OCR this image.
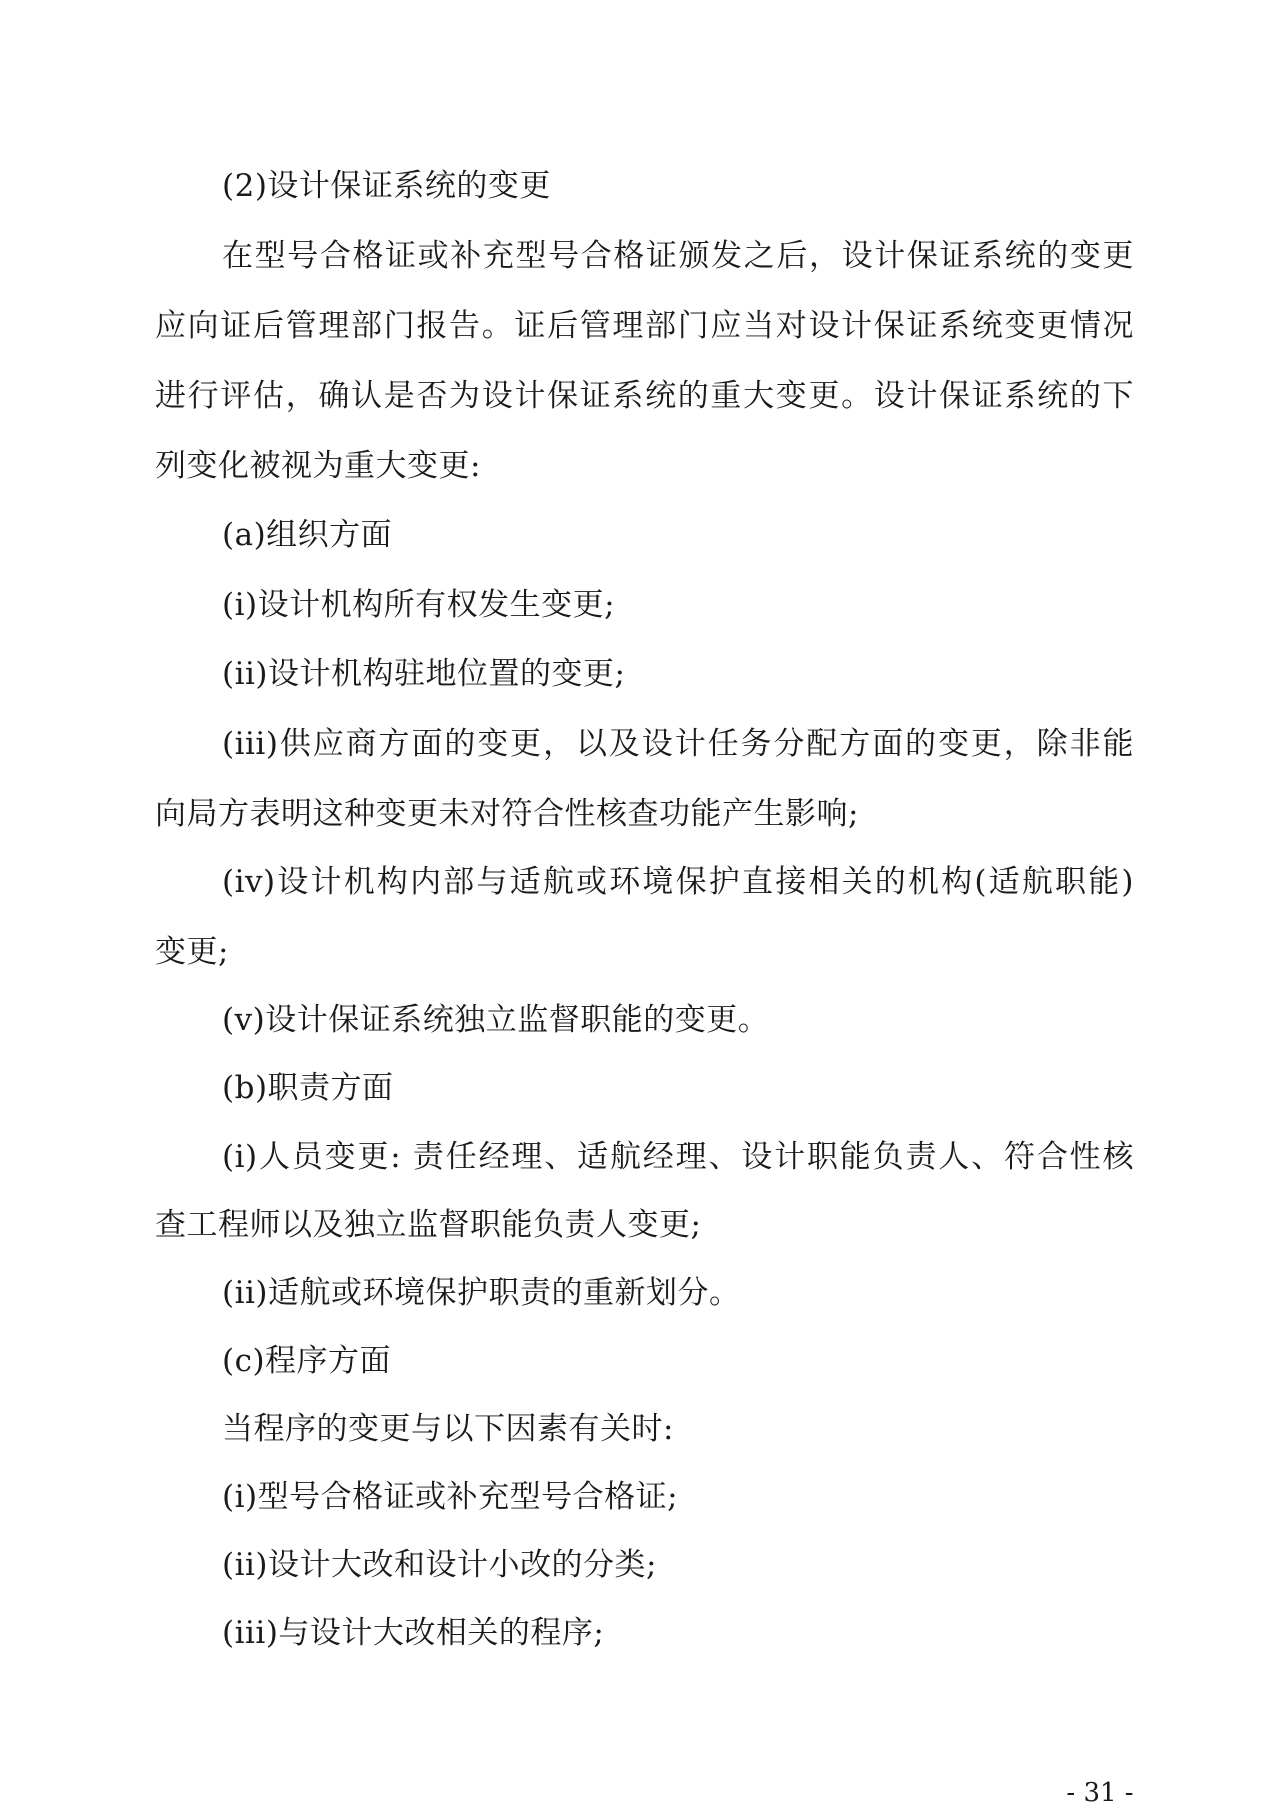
(2)设计保证系统的变更
在型号合格证或补充型号合格证颁发之后，设计保证系统的变更
应向证后管理部门报告。证后管理部门应当对设计保证系统变更情况
进行评估，确认是否为设计保证系统的重大变更。设计保证系统的下
列变化被视为重大变更:
(a)组织方面
(i)设计机构所有权发生变更;
(ii)设计机构驻地位置的变更;
(iii)供应商方面的变更，以及设计任务分配方面的变更，除非能
向局方表明这种变更未对符合性核查功能产生影响;
(iv)设计机构内部与适航或环境保护直接相关的机构(适航职能)
变更;
(v)设计保证系统独立监督职能的变更。
(b)职责方面
(i)人员变更: 责任经理、适航经理、设计职能负责人、符合性核
查工程师以及独立监督职能负责人变更;
(ii)适航或环境保护职责的重新划分。
(c)程序方面
当程序的变更与以下因素有关时:
(i)型号合格证或补充型号合格证;
(ii)设计大改和设计小改的分类;
(iii)与设计大改相关的程序;
- 31 -
